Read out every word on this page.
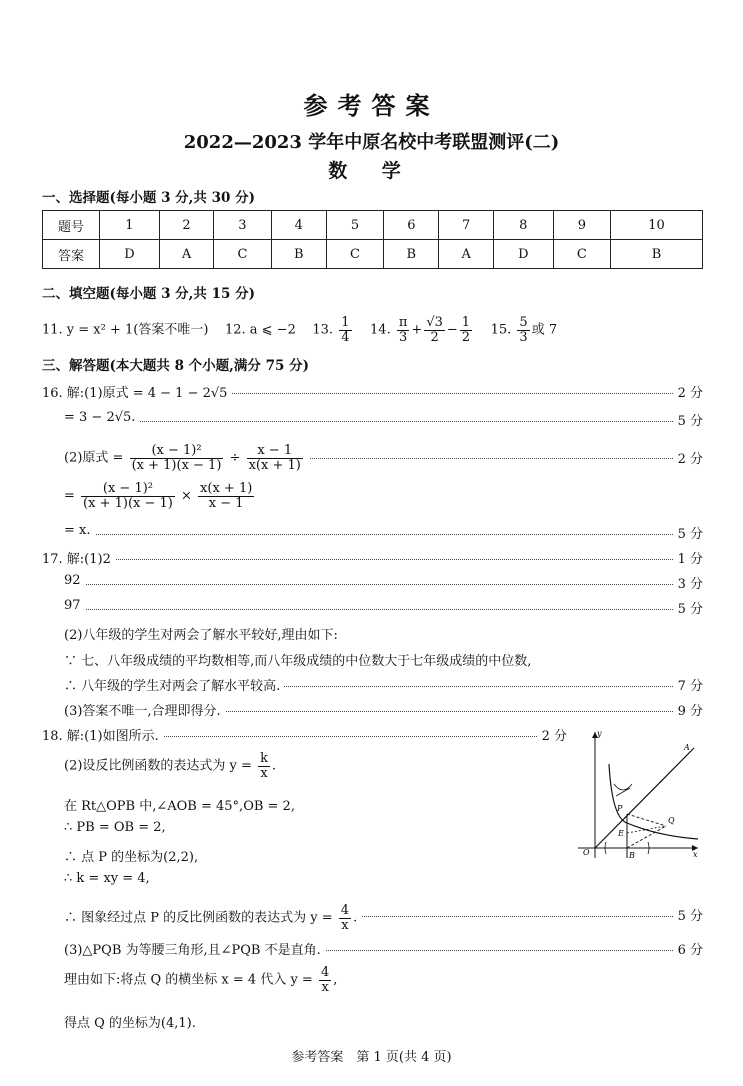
参考答案
2022—2023 学年中原名校中考联盟测评(二)
数 学
一、选择题(每小题 3 分,共 30 分)
题号	1	2	3	4	5	6	7	8	9	10
答案	D	A	C	B	C	B	A	D	C	B
二、填空题(每小题 3 分,共 15 分)
11. y = x² + 1(答案不唯一) 12. a ⩽ −2 13. $\frac{1}{4} 14$. $\frac{\pi}{3} + \frac{√3}{2} - \frac{1}{2} 15$. $\frac{5}{3}$ 或 7
三、解答题(本大题共 8 个小题,满分 75 分)
16. 解:(1)原式 = 4 − 1 − 2√5	2 分
= 3 − 2√5.	5 分
(2)原式 = $\frac{\text{(x − 1)²}}{(x + 1)(x - 1)} \div \frac{x - 1}{x(x + 1)}$	2 分
= $\frac{\text{(x − 1)²}}{(x + 1)(x - 1)} \times \frac{x(x + 1)}{x - 1}$
= x.	5 分
17. 解:(1)2	1 分
92	3 分
97	5 分
(2)八年级的学生对两会了解水平较好,理由如下:
∵ 七、八年级成绩的平均数相等,而八年级成绩的中位数大于七年级成绩的中位数,
∴ 八年级的学生对两会了解水平较高.	7 分
(3)答案不唯一,合理即得分.	9 分
18. 解:(1)如图所示.	2 分
(2)设反比例函数的表达式为 $y = \frac{k}{x}$ .
在 Rt△OPB 中,∠AOB = 45°,OB = 2,
∴ PB = OB = 2,
∴ 点 P 的坐标为(2,2),
∴ k = xy = 4,
∴ 图象经过点 P 的反比例函数的表达式为 $y = \frac{4}{x}$ .	5 分
(3)△PQB 为等腰三角形,且∠PQB 不是直角.	6 分
理由如下:将点 Q 的横坐标 x = 4 代入 $y = \frac{4}{x}$ ,
得点 Q 的坐标为(4,1).
y
x
O
A
P
Q
E
B
参考答案　第 1 页(共 4 页)
